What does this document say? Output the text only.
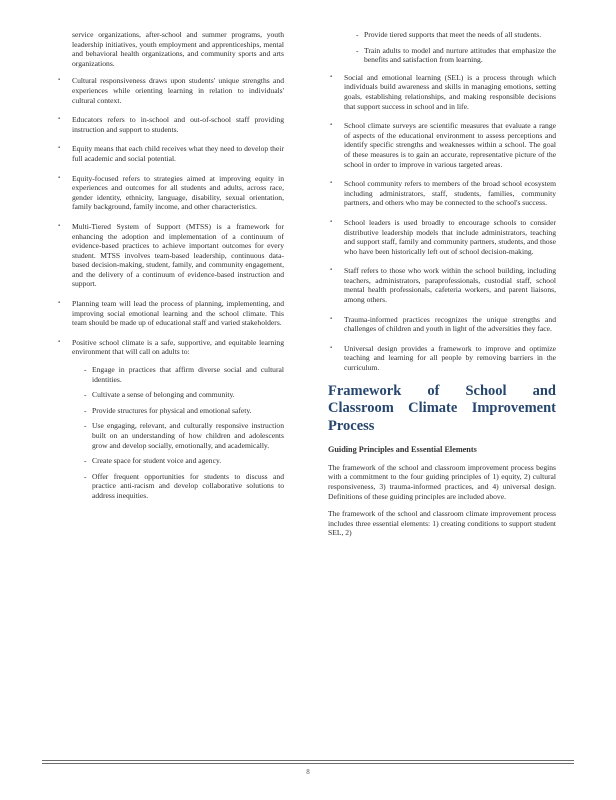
service organizations, after-school and summer programs, youth leadership initiatives, youth employment and apprenticeships, mental and behavioral health organizations, and community sports and arts organizations.

▪ Cultural responsiveness draws upon students' unique strengths and experiences while orienting learning in relation to individuals' cultural context.
▪ Educators refers to in-school and out-of-school staff providing instruction and support to students.
▪ Equity means that each child receives what they need to develop their full academic and social potential.
▪ Equity-focused refers to strategies aimed at improving equity in experiences and outcomes for all students and adults, across race, gender identity, ethnicity, language, disability, sexual orientation, family background, family income, and other characteristics.
▪ Multi-Tiered System of Support (MTSS) is a framework for enhancing the adoption and implementation of a continuum of evidence-based practices to achieve important outcomes for every student. MTSS involves team-based leadership, continuous data-based decision-making, student, family, and community engagement, and the delivery of a continuum of evidence-based instruction and support.
▪ Planning team will lead the process of planning, implementing, and improving social emotional learning and the school climate. This team should be made up of educational staff and varied stakeholders.
▪ Positive school climate is a safe, supportive, and equitable learning environment that will call on adults to:
- Engage in practices that affirm diverse social and cultural identities.
- Cultivate a sense of belonging and community.
- Provide structures for physical and emotional safety.
- Use engaging, relevant, and culturally responsive instruction built on an understanding of how children and adolescents grow and develop socially, emotionally, and academically.
- Create space for student voice and agency.
- Offer frequent opportunities for students to discuss and practice anti-racism and develop collaborative solutions to address inequities.
- Provide tiered supports that meet the needs of all students.
- Train adults to model and nurture attitudes that emphasize the benefits and satisfaction from learning.
▪ Social and emotional learning (SEL) is a process through which individuals build awareness and skills in managing emotions, setting goals, establishing relationships, and making responsible decisions that support success in school and in life.
▪ School climate surveys are scientific measures that evaluate a range of aspects of the educational environment to assess perceptions and identify specific strengths and weaknesses within a school. The goal of these measures is to gain an accurate, representative picture of the school in order to improve in various targeted areas.
▪ School community refers to members of the broad school ecosystem including administrators, staff, students, families, community partners, and others who may be connected to the school's success.
▪ School leaders is used broadly to encourage schools to consider distributive leadership models that include administrators, teaching and support staff, family and community partners, students, and those who have been historically left out of school decision-making.
▪ Staff refers to those who work within the school building, including teachers, administrators, paraprofessionals, custodial staff, school mental health professionals, cafeteria workers, and parent liaisons, among others.
▪ Trauma-informed practices recognizes the unique strengths and challenges of children and youth in light of the adversities they face.
▪ Universal design provides a framework to improve and optimize teaching and learning for all people by removing barriers in the curriculum.
Framework of School and Classroom Climate Improvement Process
Guiding Principles and Essential Elements

The framework of the school and classroom improvement process begins with a commitment to the four guiding principles of 1) equity, 2) cultural responsiveness, 3) trauma-informed practices, and 4) universal design. Definitions of these guiding principles are included above.

The framework of the school and classroom climate improvement process includes three essential elements: 1) creating conditions to support student SEL, 2)

8
